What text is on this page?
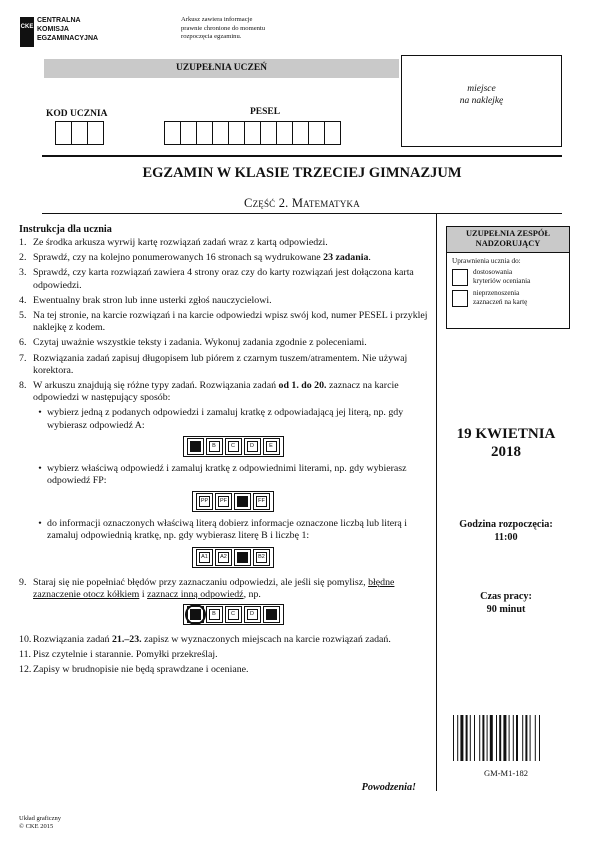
CKE
CENTRALNA
KOMISJA
EGZAMINACYJNA
Arkusz zawiera informacje
prawnie chronione do momentu
rozpoczęcia egzaminu.
UZUPEŁNIA UCZEŃ
miejsce
na naklejkę
KOD UCZNIA	PESEL
EGZAMIN W KLASIE TRZECIEJ GIMNAZJUM
Część 2. Matematyka
Instrukcja dla ucznia
1. Ze środka arkusza wyrwij kartę rozwiązań zadań wraz z kartą odpowiedzi.
2. Sprawdź, czy na kolejno ponumerowanych 16 stronach są wydrukowane 23 zadania.
3. Sprawdź, czy karta rozwiązań zawiera 4 strony oraz czy do karty rozwiązań jest dołączona karta odpowiedzi.
4. Ewentualny brak stron lub inne usterki zgłoś nauczycielowi.
5. Na tej stronie, na karcie rozwiązań i na karcie odpowiedzi wpisz swój kod, numer PESEL i przyklej naklejkę z kodem.
6. Czytaj uważnie wszystkie teksty i zadania. Wykonuj zadania zgodnie z poleceniami.
7. Rozwiązania zadań zapisuj długopisem lub piórem z czarnym tuszem/atramentem. Nie używaj korektora.
8. W arkuszu znajdują się różne typy zadań. Rozwiązania zadań od 1. do 20. zaznacz na karcie odpowiedzi w następujący sposób:
• wybierz jedną z podanych odpowiedzi i zamaluj kratkę z odpowiadającą jej literą, np. gdy wybierasz odpowiedź A:
B	C	D	E
• wybierz właściwą odpowiedź i zamaluj kratkę z odpowiednimi literami, np. gdy wybierasz odpowiedź FP:
PP	PF	FF
• do informacji oznaczonych właściwą literą dobierz informacje oznaczone liczbą lub literą i zamaluj odpowiednią kratkę, np. gdy wybierasz literę B i liczbę 1:
A1	A2	B2
9. Staraj się nie popełniać błędów przy zaznaczaniu odpowiedzi, ale jeśli się pomylisz, błędne zaznaczenie otocz kółkiem i zaznacz inną odpowiedź, np.
B	C	D
10. Rozwiązania zadań 21.–23. zapisz w wyznaczonych miejscach na karcie rozwiązań zadań.
11. Pisz czytelnie i starannie. Pomyłki przekreślaj.
12. Zapisy w brudnopisie nie będą sprawdzane i oceniane.
Powodzenia!
UZUPEŁNIA ZESPÓŁ
NADZORUJĄCY
Uprawnienia ucznia do:
dostosowania
kryteriów oceniania
nieprzenoszenia
zaznaczeń na kartę
19 KWIETNIA
2018
Godzina rozpoczęcia:
11:00
Czas pracy:
90 minut
GM-M1-182
Układ graficzny
© CKE 2015
